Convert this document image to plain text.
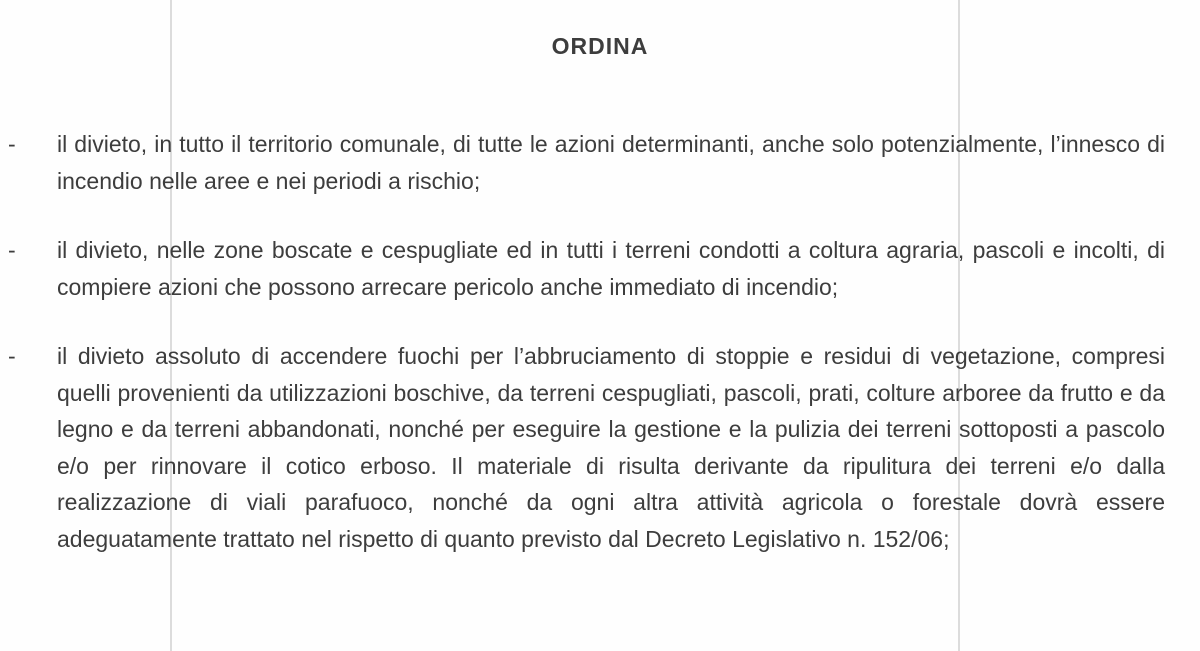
ORDINA
- il divieto, in tutto il territorio comunale, di tutte le azioni determinanti, anche solo potenzialmente, l’innesco di incendio nelle aree e nei periodi a rischio;
- il divieto, nelle zone boscate e cespugliate ed in tutti i terreni condotti a coltura agraria, pascoli e incolti, di compiere azioni che possono arrecare pericolo anche immediato di incendio;
- il divieto assoluto di accendere fuochi per l’abbruciamento di stoppie e residui di vegetazione, compresi quelli provenienti da utilizzazioni boschive, da terreni cespugliati, pascoli, prati, colture arboree da frutto e da legno e da terreni abbandonati, nonché per eseguire la gestione e la pulizia dei terreni sottoposti a pascolo e/o per rinnovare il cotico erboso. Il materiale di risulta derivante da ripulitura dei terreni e/o dalla realizzazione di viali parafuoco, nonché da ogni altra attività agricola o forestale dovrà essere adeguatamente trattato nel rispetto di quanto previsto dal Decreto Legislativo n. 152/06;
